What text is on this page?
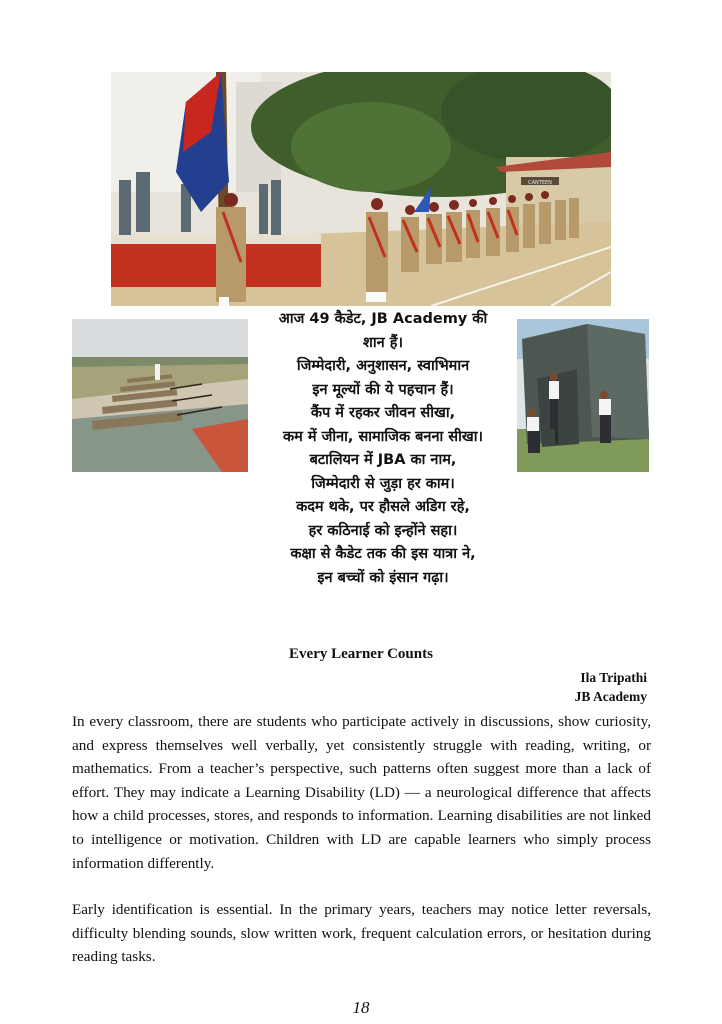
CANTEEN
आज 49 कैडेट, JB Academy की
शान हैं।
जिम्मेदारी, अनुशासन, स्वाभिमान
इन मूल्यों की ये पहचान हैं।
कैंप में रहकर जीवन सीखा,
कम में जीना, सामाजिक बनना सीखा।
बटालियन में JBA का नाम,
जिम्मेदारी से जुड़ा हर काम।
कदम थके, पर हौसले अडिग रहे,
हर कठिनाई को इन्होंने सहा।
कक्षा से कैडेट तक की इस यात्रा ने,
इन बच्चों को इंसान गढ़ा।
Every Learner Counts
Ila Tripathi
JB Academy
In every classroom, there are students who participate actively in discussions, show curiosity, and express themselves well verbally, yet consistently struggle with reading, writing, or mathematics. From a teacher’s perspective, such patterns often suggest more than a lack of effort. They may indicate a Learning Disability (LD) — a neurological difference that affects how a child processes, stores, and responds to information. Learning disabilities are not linked to intelligence or motivation. Children with LD are capable learners who simply process information differently.
Early identification is essential. In the primary years, teachers may notice letter reversals, difficulty blending sounds, slow written work, frequent calculation errors, or hesitation during reading tasks.
18
